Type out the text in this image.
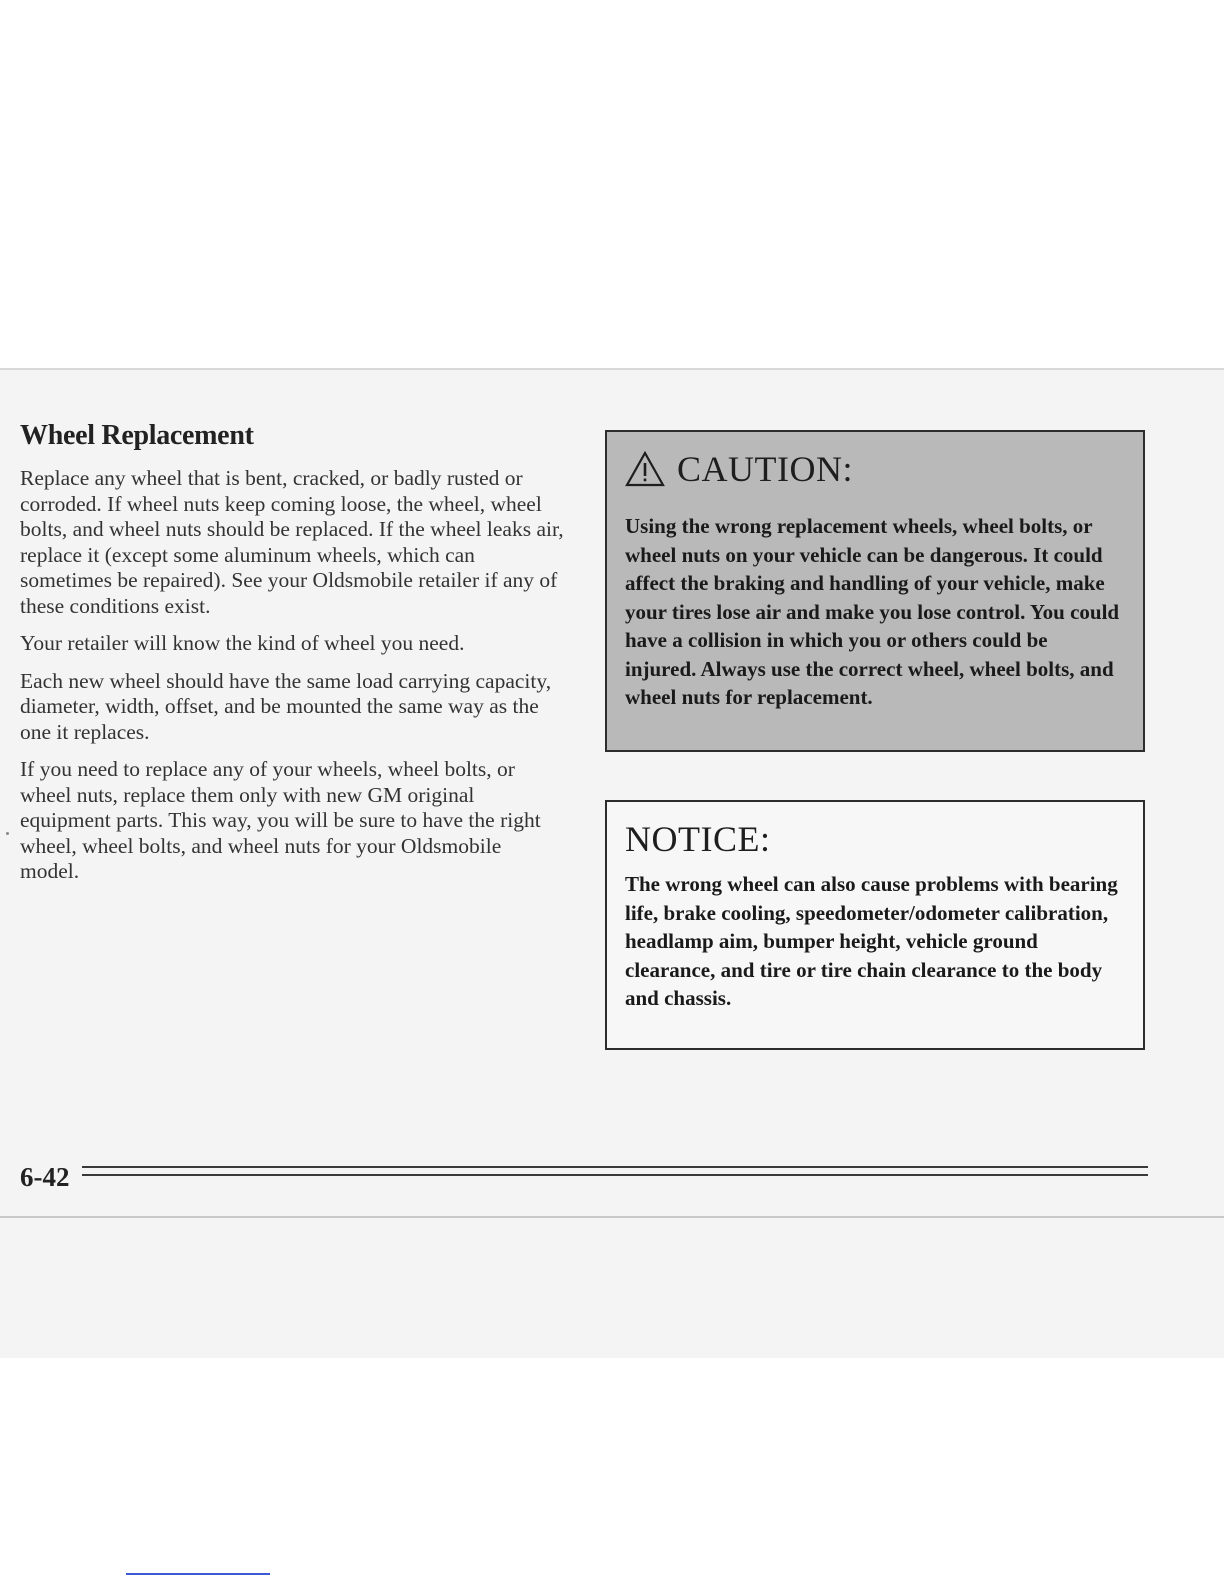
Wheel Replacement

Replace any wheel that is bent, cracked, or badly rusted or corroded. If wheel nuts keep coming loose, the wheel, wheel bolts, and wheel nuts should be replaced. If the wheel leaks air, replace it (except some aluminum wheels, which can sometimes be repaired). See your Oldsmobile retailer if any of these conditions exist.

Your retailer will know the kind of wheel you need.

Each new wheel should have the same load carrying capacity, diameter, width, offset, and be mounted the same way as the one it replaces.

If you need to replace any of your wheels, wheel bolts, or wheel nuts, replace them only with new GM original equipment parts. This way, you will be sure to have the right wheel, wheel bolts, and wheel nuts for your Oldsmobile model.

CAUTION:
Using the wrong replacement wheels, wheel bolts, or wheel nuts on your vehicle can be dangerous. It could affect the braking and handling of your vehicle, make your tires lose air and make you lose control. You could have a collision in which you or others could be injured. Always use the correct wheel, wheel bolts, and wheel nuts for replacement.
NOTICE:
The wrong wheel can also cause problems with bearing life, brake cooling, speedometer/odometer calibration, headlamp aim, bumper height, vehicle ground clearance, and tire or tire chain clearance to the body and chassis.
6-42
